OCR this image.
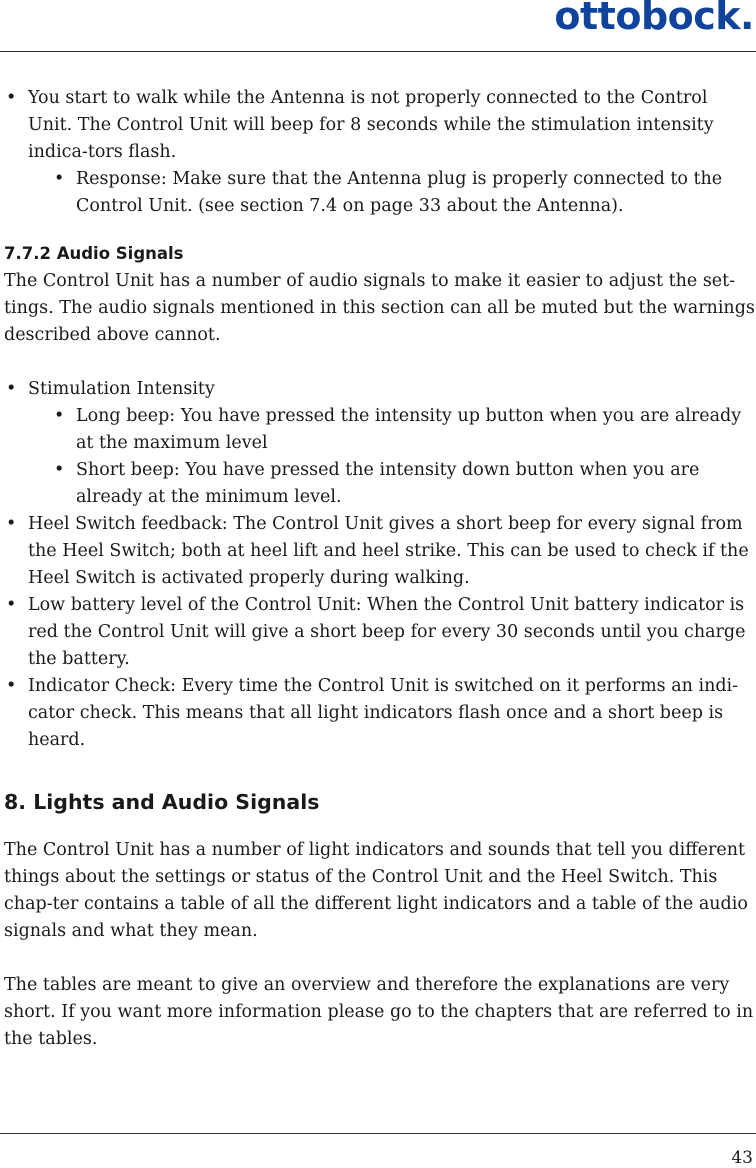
ottobock.
• You start to walk while the Antenna is not properly connected to the Control Unit. The Control Unit will beep for 8 seconds while the stimulation intensity indica-tors flash.
• Response: Make sure that the Antenna plug is properly connected to the Control Unit. (see section 7.4 on page 33 about the Antenna).
7.7.2 Audio Signals

The Control Unit has a number of audio signals to make it easier to adjust the set-tings. The audio signals mentioned in this section can all be muted but the warnings described above cannot.

• Stimulation Intensity
• Long beep: You have pressed the intensity up button when you are already at the maximum level
• Short beep: You have pressed the intensity down button when you are already at the minimum level.
• Heel Switch feedback: The Control Unit gives a short beep for every signal from the Heel Switch; both at heel lift and heel strike. This can be used to check if the Heel Switch is activated properly during walking.
• Low battery level of the Control Unit: When the Control Unit battery indicator is red the Control Unit will give a short beep for every 30 seconds until you charge the battery.
• Indicator Check: Every time the Control Unit is switched on it performs an indi-cator check. This means that all light indicators flash once and a short beep is heard.
8. Lights and Audio Signals

The Control Unit has a number of light indicators and sounds that tell you different things about the settings or status of the Control Unit and the Heel Switch. This chap-ter contains a table of all the different light indicators and a table of the audio signals and what they mean.

The tables are meant to give an overview and therefore the explanations are very short. If you want more information please go to the chapters that are referred to in the tables.

43
